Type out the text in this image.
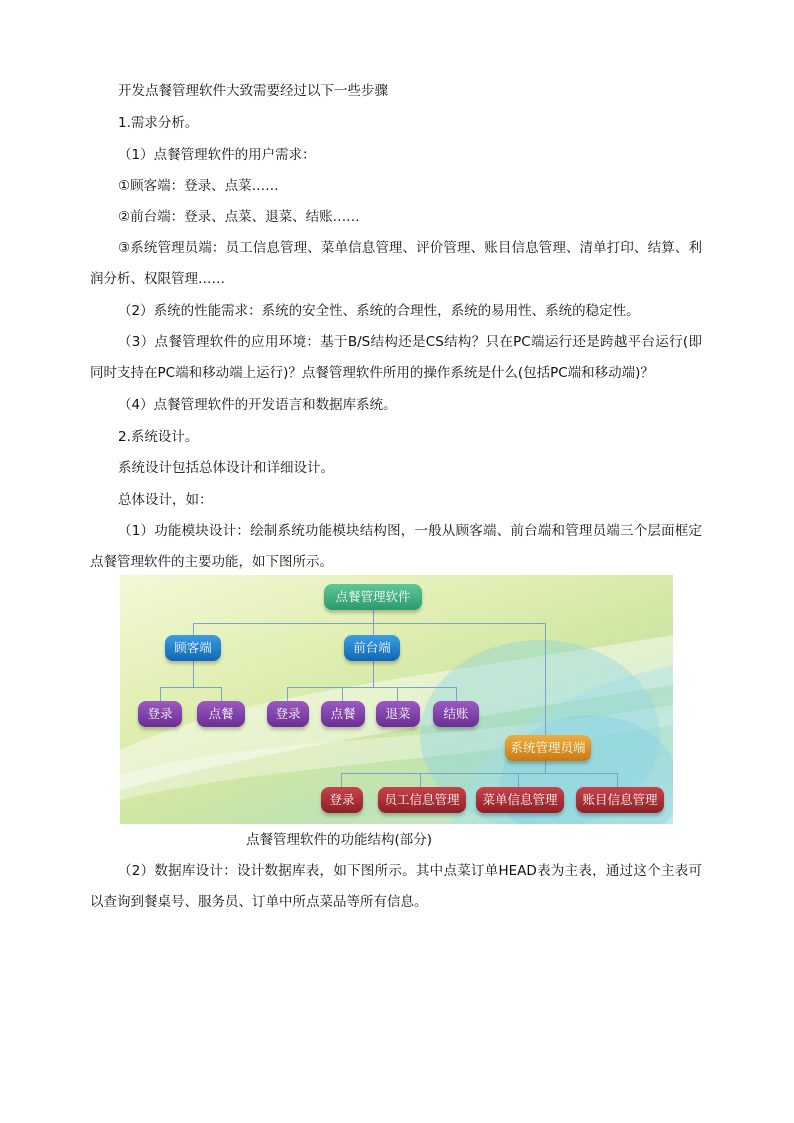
开发点餐管理软件大致需要经过以下一些步骤

1.需求分析。

（1）点餐管理软件的用户需求：

①顾客端：登录、点菜……

②前台端：登录、点菜、退菜、结账……

③系统管理员端：员工信息管理、菜单信息管理、评价管理、账目信息管理、清单打印、结算、利润分析、权限管理……

（2）系统的性能需求：系统的安全性、系统的合理性，系统的易用性、系统的稳定性。

（3）点餐管理软件的应用环境：基于B/S结构还是CS结构？只在PC端运行还是跨越平台运行(即同时支持在PC端和移动端上运行)？点餐管理软件所用的操作系统是什么(包括PC端和移动端)？

（4）点餐管理软件的开发语言和数据库系统。

2.系统设计。

系统设计包括总体设计和详细设计。

总体设计，如：

（1）功能模块设计：绘制系统功能模块结构图，一般从顾客端、前台端和管理员端三个层面框定点餐管理软件的主要功能，如下图所示。

点餐管理软件
顾客端	前台端
系统管理员端
登录	点餐	登录	点餐	退菜	结账
登录	员工信息管理	菜单信息管理	账目信息管理
点餐管理软件的功能结构(部分)

（2）数据库设计：设计数据库表，如下图所示。其中点菜订单HEAD表为主表，通过这个主表可以查询到餐桌号、服务员、订单中所点菜品等所有信息。
